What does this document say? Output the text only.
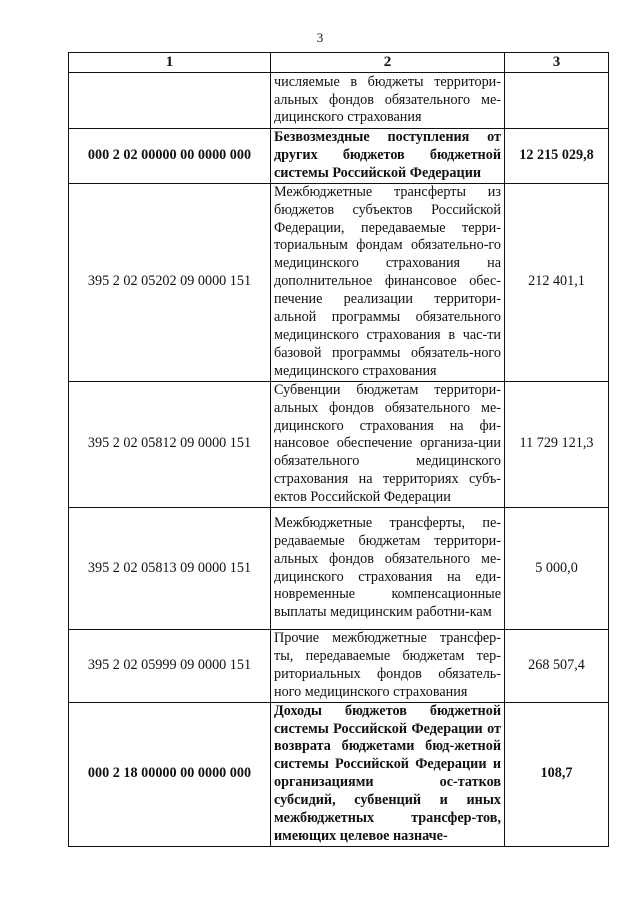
3
1	2	3
	числяемые в бюджеты территори-альных фондов обязательного ме-дицинского страхования	
000 2 02 00000 00 0000 000	Безвозмездные поступления от других бюджетов бюджетной системы Российской Федерации	12 215 029,8
395 2 02 05202 09 0000 151	Межбюджетные трансферты из бюджетов субъектов Российской Федерации, передаваемые терри-ториальным фондам обязательно-го медицинского страхования на дополнительное финансовое обес-печение реализации территори-альной программы обязательного медицинского страхования в час-ти базовой программы обязатель-ного медицинского страхования	212 401,1
395 2 02 05812 09 0000 151	Субвенции бюджетам территори-альных фондов обязательного ме-дицинского страхования на фи-нансовое обеспечение организа-ции обязательного медицинского страхования на территориях субъ-ектов Российской Федерации	11 729 121,3
395 2 02 05813 09 0000 151	Межбюджетные трансферты, пе-редаваемые бюджетам территори-альных фондов обязательного ме-дицинского страхования на еди-новременные компенсационные выплаты медицинским работни-кам	5 000,0
395 2 02 05999 09 0000 151	Прочие межбюджетные трансфер-ты, передаваемые бюджетам тер-риториальных фондов обязатель-ного медицинского страхования	268 507,4
000 2 18 00000 00 0000 000	Доходы бюджетов бюджетной системы Российской Федерации от возврата бюджетами бюд-жетной системы Российской Федерации и организациями ос-татков субсидий, субвенций и иных межбюджетных трансфер-тов, имеющих целевое назначе-	108,7
